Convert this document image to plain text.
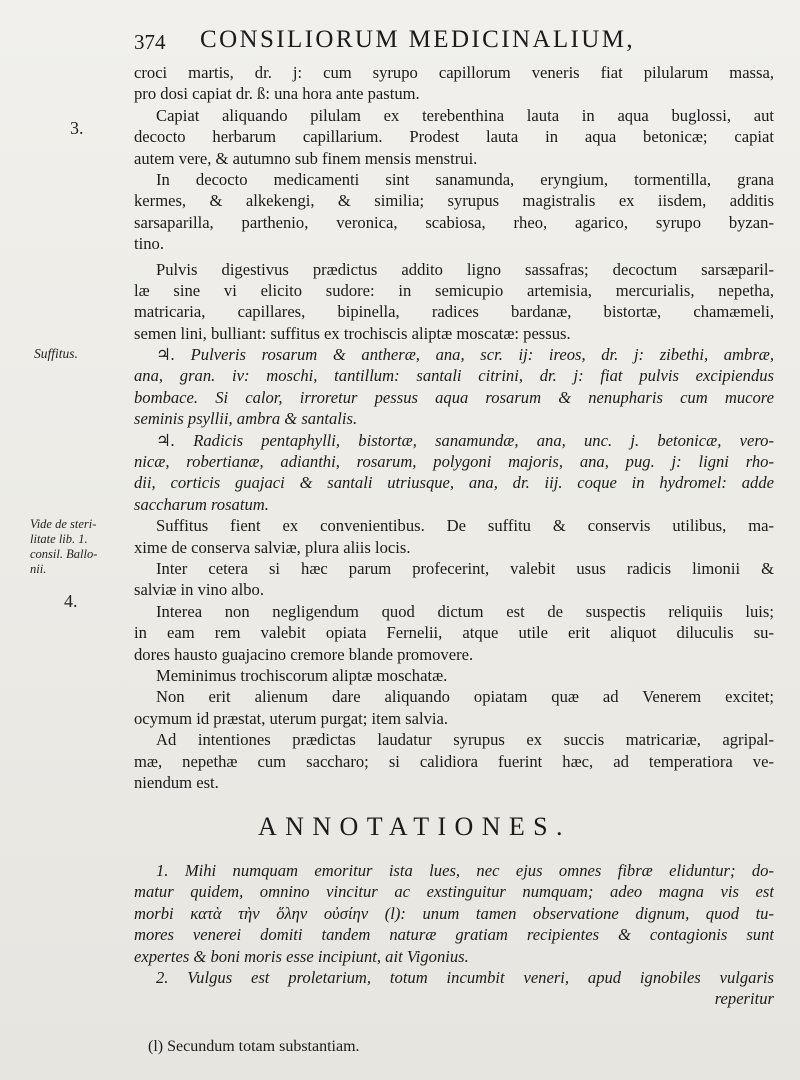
374 CONSILIORUM MEDICINALIUM,
3.
Suffitus.
Vide de steri-
litate lib. 1.
consil. Ballo-
nii.
4.
croci martis, dr. j: cum syrupo capillorum veneris fiat pilularum massa,
pro dosi capiat dr. ß: una hora ante pastum.
Capiat aliquando pilulam ex terebenthina lauta in aqua buglossi, aut
decocto herbarum capillarium. Prodest lauta in aqua betonicæ; capiat
autem vere, & autumno sub finem mensis menstrui.
In decocto medicamenti sint sanamunda, eryngium, tormentilla, grana
kermes, & alkekengi, & similia; syrupus magistralis ex iisdem, additis
sarsaparilla, parthenio, veronica, scabiosa, rheo, agarico, syrupo byzan-
tino.
Pulvis digestivus prædictus addito ligno sassafras; decoctum sarsæparil-
læ sine vi elicito sudore: in semicupio artemisia, mercurialis, nepetha,
matricaria, capillares, bipinella, radices bardanæ, bistortæ, chamæmeli,
semen lini, bulliant: suffitus ex trochiscis aliptæ moscatæ: pessus.
♃. Pulveris rosarum & antheræ, ana, scr. ij: ireos, dr. j: zibethi, ambræ,
ana, gran. iv: moschi, tantillum: santali citrini, dr. j: fiat pulvis excipiendus
bombace. Si calor, irroretur pessus aqua rosarum & nenupharis cum mucore
seminis psyllii, ambra & santalis.
♃. Radicis pentaphylli, bistortæ, sanamundæ, ana, unc. j. betonicæ, vero-
nicæ, robertianæ, adianthi, rosarum, polygoni majoris, ana, pug. j: ligni rho-
dii, corticis guajaci & santali utriusque, ana, dr. iij. coque in hydromel: adde
saccharum rosatum.
Suffitus fient ex convenientibus. De suffitu & conservis utilibus, ma-
xime de conserva salviæ, plura aliis locis.
Inter cetera si hæc parum profecerint, valebit usus radicis limonii &
salviæ in vino albo.
Interea non negligendum quod dictum est de suspectis reliquiis luis;
in eam rem valebit opiata Fernelii, atque utile erit aliquot diluculis su-
dores hausto guajacino cremore blande promovere.
Meminimus trochiscorum aliptæ moschatæ.
Non erit alienum dare aliquando opiatam quæ ad Venerem excitet;
ocymum id præstat, uterum purgat; item salvia.
Ad intentiones prædictas laudatur syrupus ex succis matricariæ, agripal-
mæ, nepethæ cum saccharo; si calidiora fuerint hæc, ad temperatiora ve-
niendum est.
ANNOTATIONES.
1. Mihi numquam emoritur ista lues, nec ejus omnes fibræ eliduntur; do-
matur quidem, omnino vincitur ac exstinguitur numquam; adeo magna vis est
morbi κατὰ τὴν ὅλην οὐσίην (l): unum tamen observatione dignum, quod tu-
mores venerei domiti tandem naturæ gratiam recipientes & contagionis sunt
expertes & boni moris esse incipiunt, ait Vigonius.
2. Vulgus est proletarium, totum incumbit veneri, apud ignobiles vulgaris
reperitur
(l) Secundum totam substantiam.
